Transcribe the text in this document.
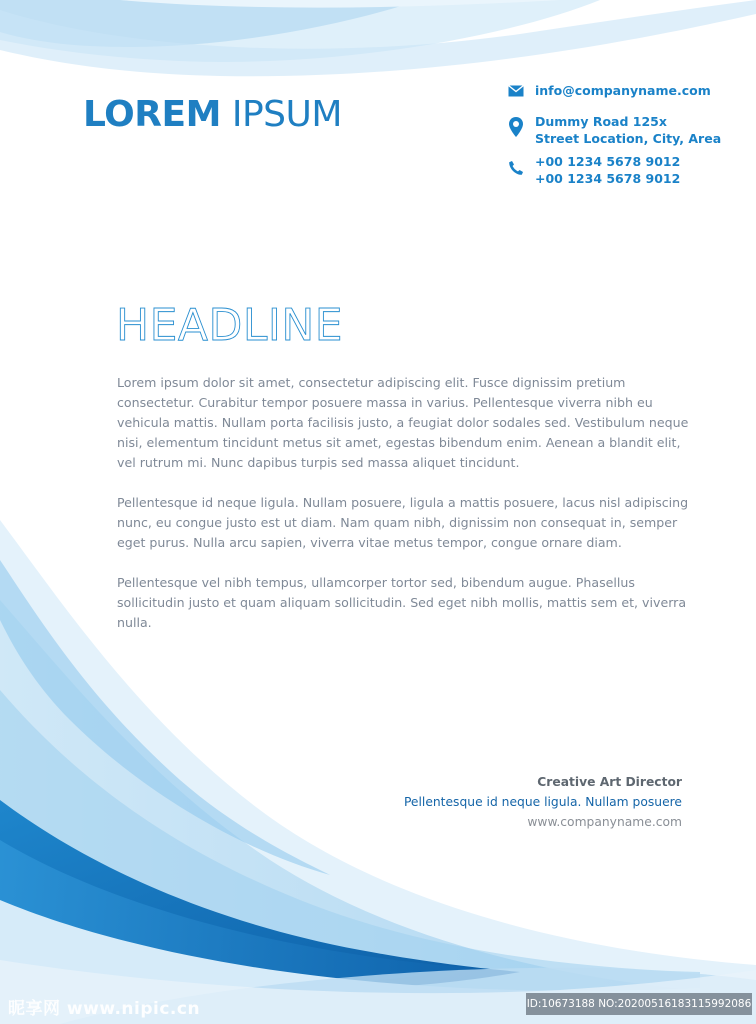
LOREM IPSUM
info@companyname.com
Dummy Road 125x
Street Location, City, Area
+00 1234 5678 9012
+00 1234 5678 9012
HEADLINE

Lorem ipsum dolor sit amet, consectetur adipiscing elit. Fusce dignissim pretium consectetur. Curabitur tempor posuere massa in varius. Pellentesque viverra nibh eu vehicula mattis. Nullam porta facilisis justo, a feugiat dolor sodales sed. Vestibulum neque nisi, elementum tincidunt metus sit amet, egestas bibendum enim. Aenean a blandit elit, vel rutrum mi. Nunc dapibus turpis sed massa aliquet tincidunt.

Pellentesque id neque ligula. Nullam posuere, ligula a mattis posuere, lacus nisl adipiscing nunc, eu congue justo est ut diam. Nam quam nibh, dignissim non consequat in, semper eget purus. Nulla arcu sapien, viverra vitae metus tempor, congue ornare diam.

Pellentesque vel nibh tempus, ullamcorper tortor sed, bibendum augue. Phasellus sollicitudin justo et quam aliquam sollicitudin. Sed eget nibh mollis, mattis sem et, viverra nulla.

Creative Art Director
Pellentesque id neque ligula. Nullam posuere
www.companyname.com
昵享网 www.nipic.cn	ID:10673188 NO:20200516183115992086
